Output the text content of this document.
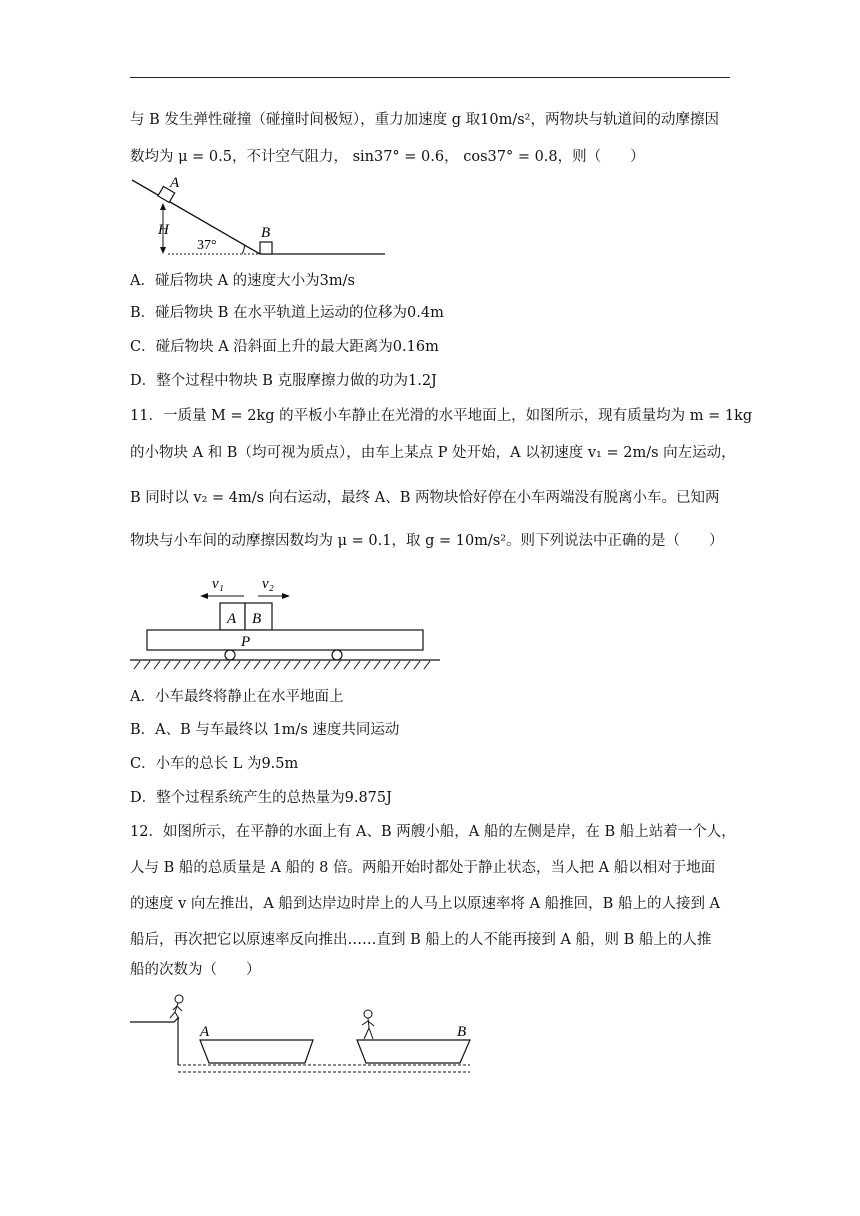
与 B 发生弹性碰撞（碰撞时间极短），重力加速度 g 取10m/s²，两物块与轨道间的动摩擦因
数均为 μ = 0.5，不计空气阻力， sin37° = 0.6， cos37° = 0.8，则（　　）
A
H
37°
B
A．碰后物块 A 的速度大小为3m/s
B．碰后物块 B 在水平轨道上运动的位移为0.4m
C．碰后物块 A 沿斜面上升的最大距离为0.16m
D．整个过程中物块 B 克服摩擦力做的功为1.2J
11．一质量 M = 2kg 的平板小车静止在光滑的水平地面上，如图所示，现有质量均为 m = 1kg
的小物块 A 和 B（均可视为质点），由车上某点 P 处开始，A 以初速度 v₁ = 2m/s 向左运动，
B 同时以 v₂ = 4m/s 向右运动，最终 A、B 两物块恰好停在小车两端没有脱离小车。已知两
物块与小车间的动摩擦因数均为 μ = 0.1，取 g = 10m/s²。则下列说法中正确的是（　　）
v₁	v₂
A B
P
A．小车最终将静止在水平地面上
B．A、B 与车最终以 1m/s 速度共同运动
C．小车的总长 L 为9.5m
D．整个过程系统产生的总热量为9.875J
12．如图所示，在平静的水面上有 A、B 两艘小船，A 船的左侧是岸，在 B 船上站着一个人，
人与 B 船的总质量是 A 船的 8 倍。两船开始时都处于静止状态，当人把 A 船以相对于地面
的速度 v 向左推出，A 船到达岸边时岸上的人马上以原速率将 A 船推回，B 船上的人接到 A
船后，再次把它以原速率反向推出……直到 B 船上的人不能再接到 A 船，则 B 船上的人推
船的次数为（　　）
A	B
